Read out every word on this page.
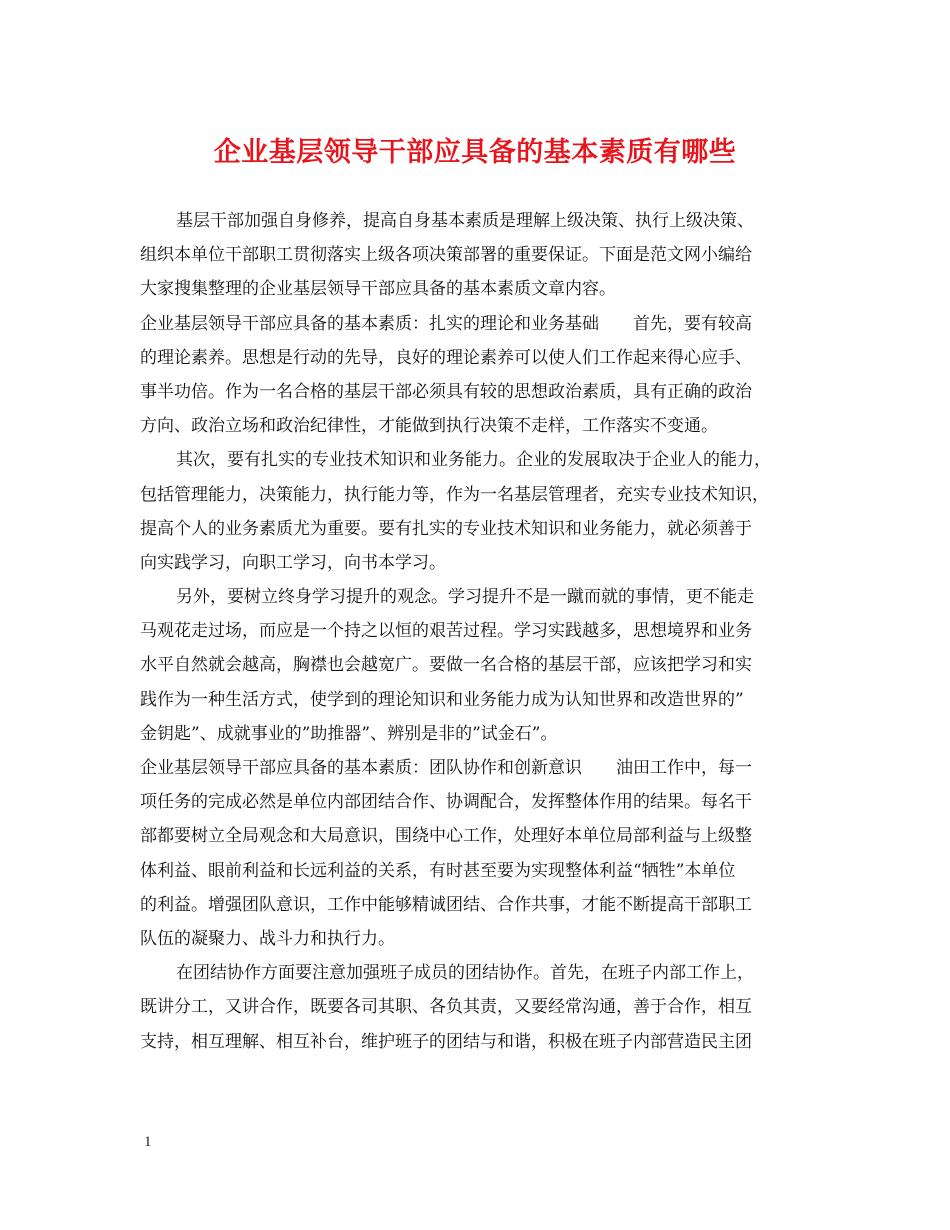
企业基层领导干部应具备的基本素质有哪些
基层干部加强自身修养，提高自身基本素质是理解上级决策、执行上级决策、
组织本单位干部职工贯彻落实上级各项决策部署的重要保证。下面是范文网小编给
大家搜集整理的企业基层领导干部应具备的基本素质文章内容。
企业基层领导干部应具备的基本素质：扎实的理论和业务基础　　首先，要有较高
的理论素养。思想是行动的先导，良好的理论素养可以使人们工作起来得心应手、
事半功倍。作为一名合格的基层干部必须具有较的思想政治素质，具有正确的政治
方向、政治立场和政治纪律性，才能做到执行决策不走样，工作落实不变通。
其次，要有扎实的专业技术知识和业务能力。企业的发展取决于企业人的能力，
包括管理能力，决策能力，执行能力等，作为一名基层管理者，充实专业技术知识，
提高个人的业务素质尤为重要。要有扎实的专业技术知识和业务能力，就必须善于
向实践学习，向职工学习，向书本学习。
另外，要树立终身学习提升的观念。学习提升不是一蹴而就的事情，更不能走
马观花走过场，而应是一个持之以恒的艰苦过程。学习实践越多，思想境界和业务
水平自然就会越高，胸襟也会越宽广。要做一名合格的基层干部，应该把学习和实
践作为一种生活方式，使学到的理论知识和业务能力成为认知世界和改造世界的”
金钥匙”、成就事业的”助推器”、辨别是非的”试金石”。
企业基层领导干部应具备的基本素质：团队协作和创新意识　　油田工作中，每一
项任务的完成必然是单位内部团结合作、协调配合，发挥整体作用的结果。每名干
部都要树立全局观念和大局意识，围绕中心工作，处理好本单位局部利益与上级整
体利益、眼前利益和长远利益的关系，有时甚至要为实现整体利益“牺牲”本单位
的利益。增强团队意识，工作中能够精诚团结、合作共事，才能不断提高干部职工
队伍的凝聚力、战斗力和执行力。
在团结协作方面要注意加强班子成员的团结协作。首先，在班子内部工作上，
既讲分工，又讲合作，既要各司其职、各负其责，又要经常沟通，善于合作，相互
支持，相互理解、相互补台，维护班子的团结与和谐，积极在班子内部营造民主团
1
